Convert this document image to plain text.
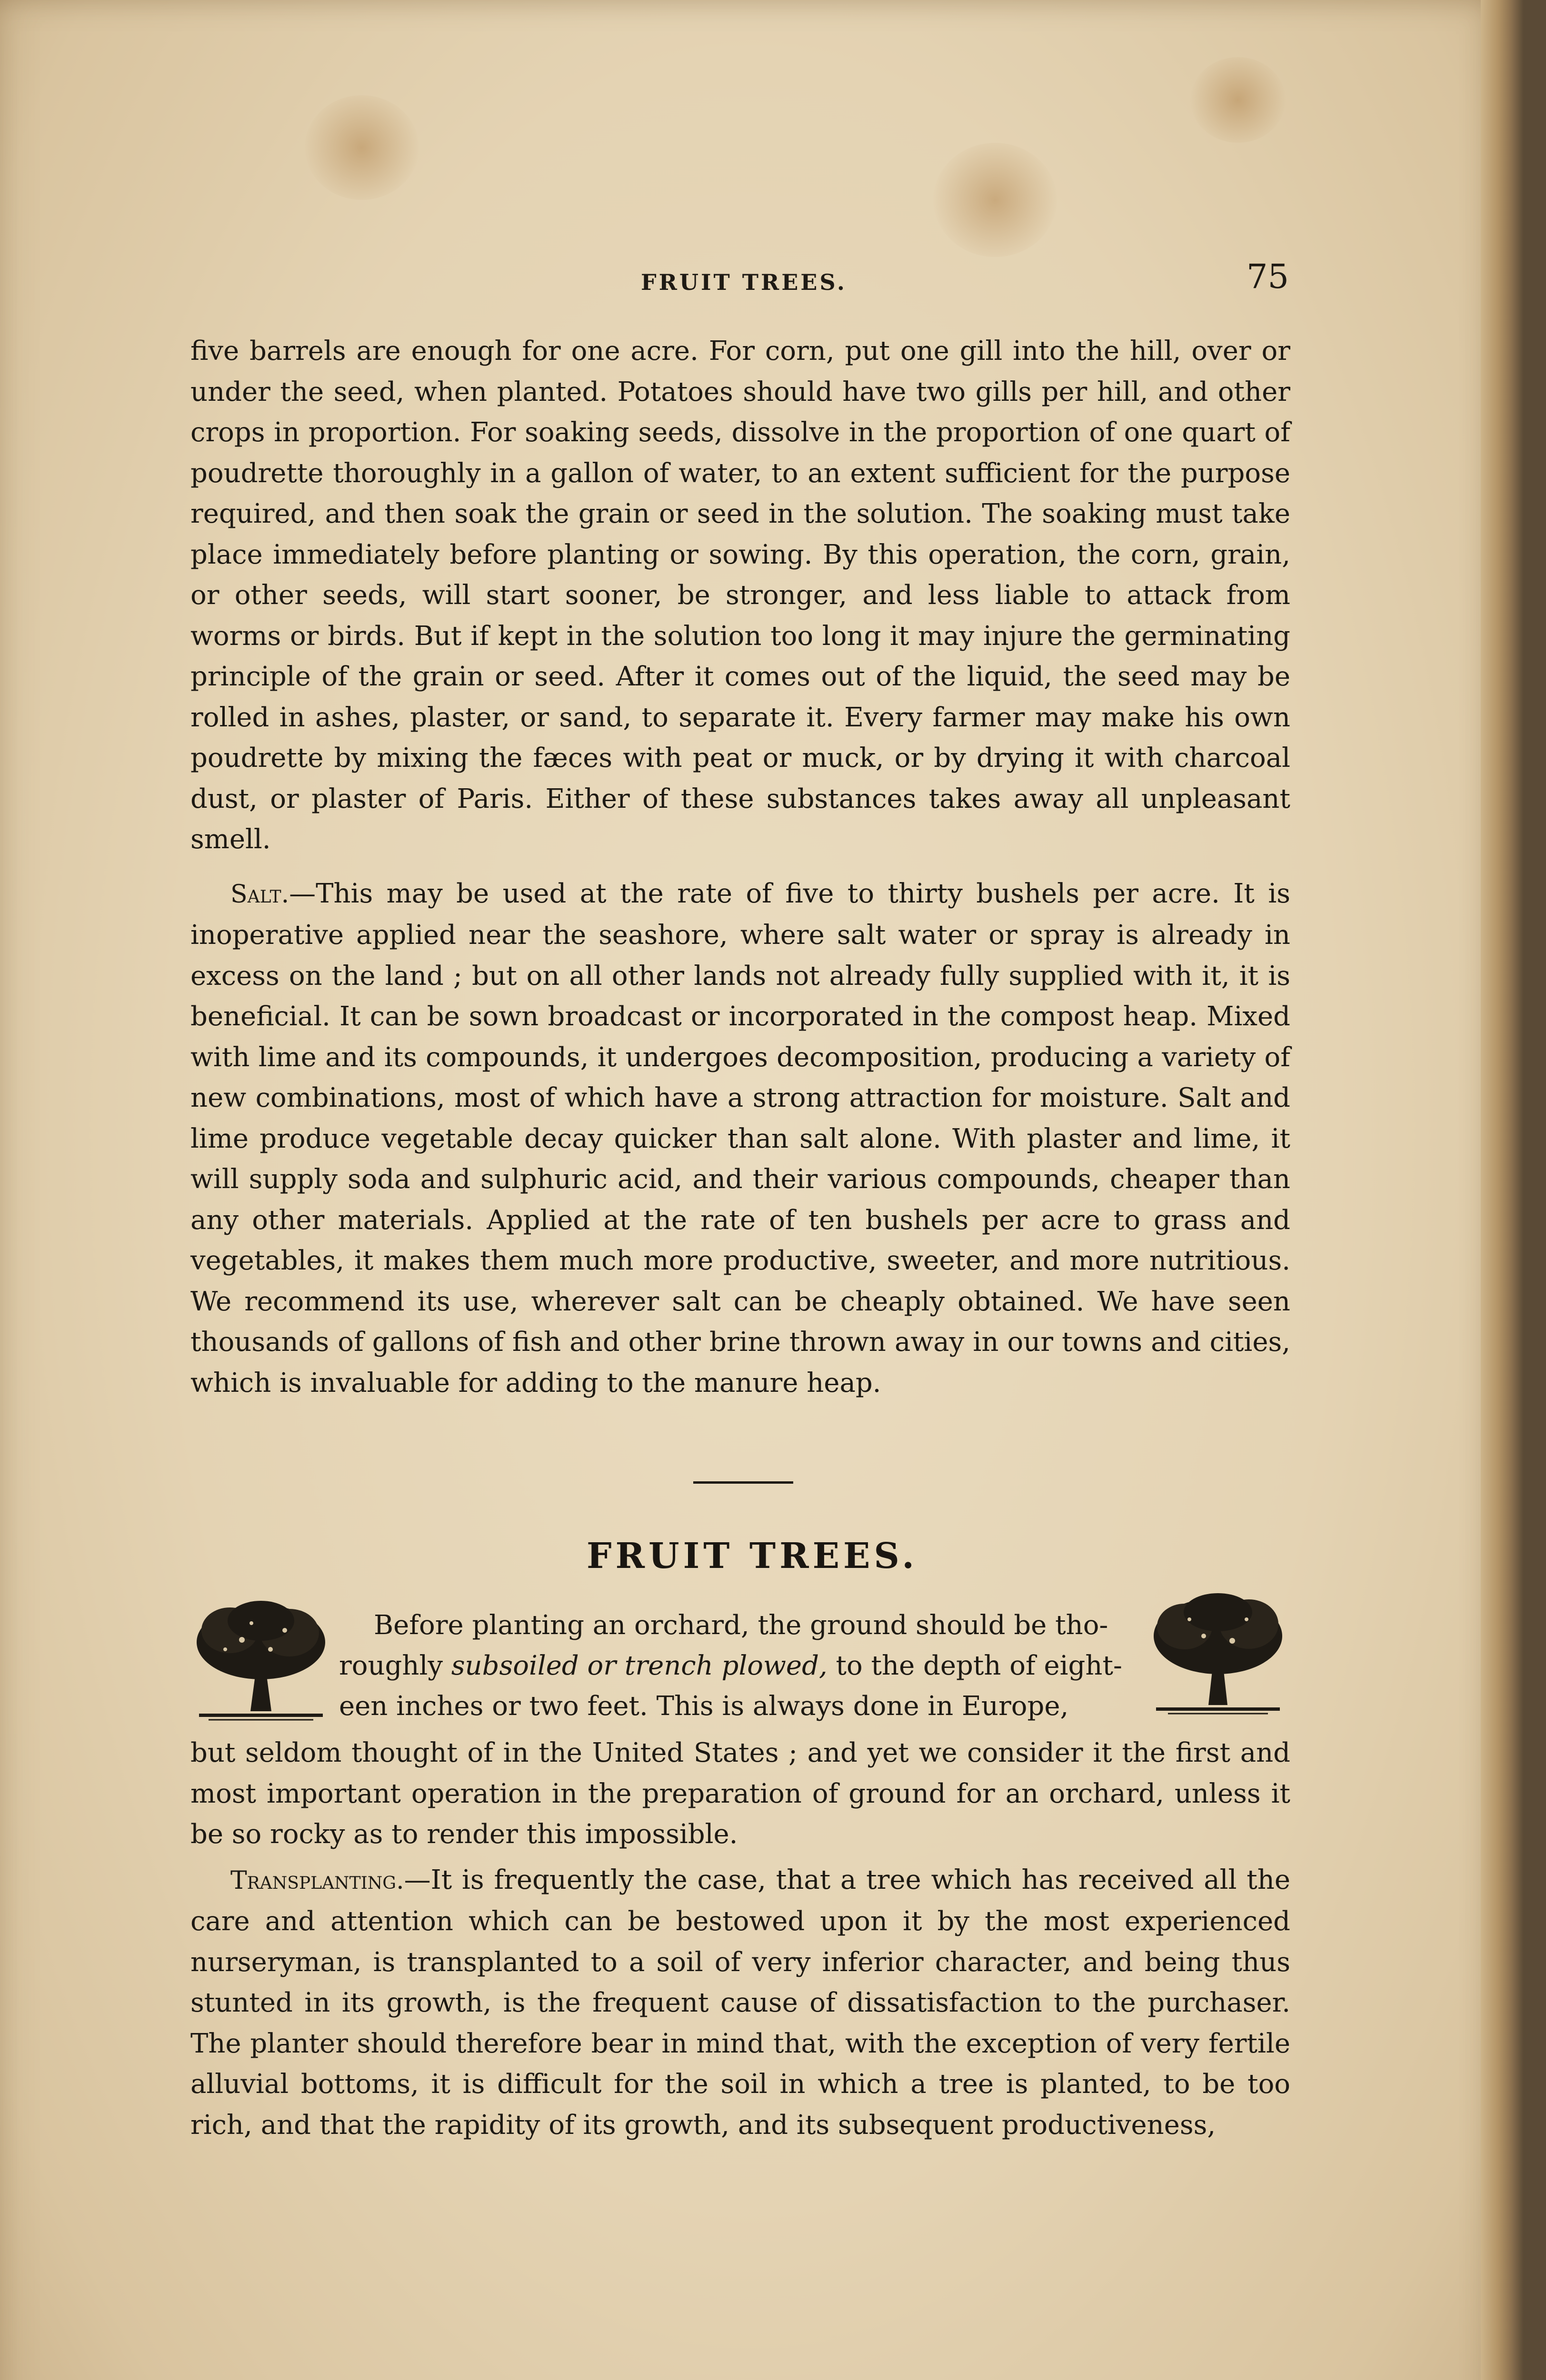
FRUIT TREES.	75

five barrels are enough for one acre. For corn, put one gill into the hill, over or under the seed, when planted. Potatoes should have two gills per hill, and other crops in proportion. For soaking seeds, dissolve in the proportion of one quart of poudrette thoroughly in a gallon of water, to an extent sufficient for the purpose required, and then soak the grain or seed in the solution. The soaking must take place immediately before planting or sowing. By this operation, the corn, grain, or other seeds, will start sooner, be stronger, and less liable to attack from worms or birds. But if kept in the solution too long it may injure the germinating principle of the grain or seed. After it comes out of the liquid, the seed may be rolled in ashes, plaster, or sand, to separate it. Every farmer may make his own poudrette by mixing the fæces with peat or muck, or by drying it with charcoal dust, or plaster of Paris. Either of these substances takes away all unpleasant smell.

Salt.—This may be used at the rate of five to thirty bushels per acre. It is inoperative applied near the seashore, where salt water or spray is already in excess on the land ; but on all other lands not already fully supplied with it, it is beneficial. It can be sown broadcast or incorporated in the compost heap. Mixed with lime and its compounds, it undergoes decomposition, producing a variety of new combinations, most of which have a strong attraction for moisture. Salt and lime produce vegetable decay quicker than salt alone. With plaster and lime, it will supply soda and sulphuric acid, and their various compounds, cheaper than any other materials. Applied at the rate of ten bushels per acre to grass and vegetables, it makes them much more productive, sweeter, and more nutritious. We recommend its use, wherever salt can be cheaply obtained. We have seen thousands of gallons of fish and other brine thrown away in our towns and cities, which is invaluable for adding to the manure heap.

FRUIT TREES.
Before planting an orchard, the ground should be tho-
roughly subsoiled or trench plowed, to the depth of eight-
een inches or two feet. This is always done in Europe,

but seldom thought of in the United States ; and yet we consider it the first and most important operation in the preparation of ground for an orchard, unless it be so rocky as to render this impossible.

Transplanting.—It is frequently the case, that a tree which has received all the care and attention which can be bestowed upon it by the most experienced nurseryman, is transplanted to a soil of very inferior character, and being thus stunted in its growth, is the frequent cause of dissatisfaction to the purchaser. The planter should therefore bear in mind that, with the exception of very fertile alluvial bottoms, it is difficult for the soil in which a tree is planted, to be too rich, and that the rapidity of its growth, and its subsequent productiveness,
